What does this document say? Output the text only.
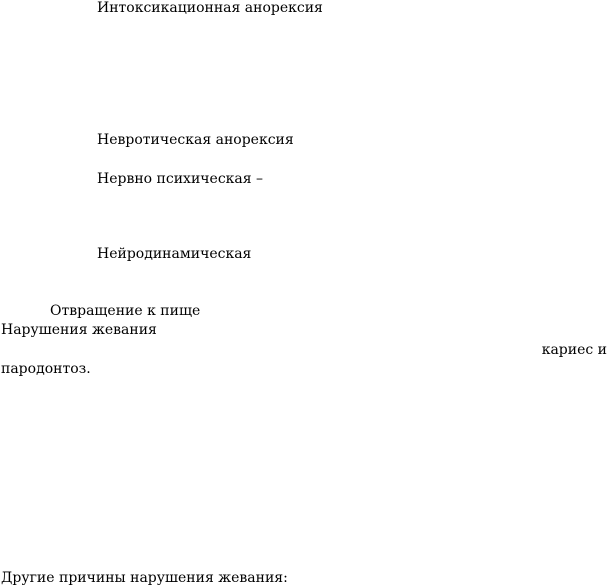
Интоксикационная анорексия
Невротическая анорексия
Нервно психическая –
Нейродинамическая
Отвращение к пище
Нарушения жевания
кариес и
пародонтоз.
Другие причины нарушения жевания:
